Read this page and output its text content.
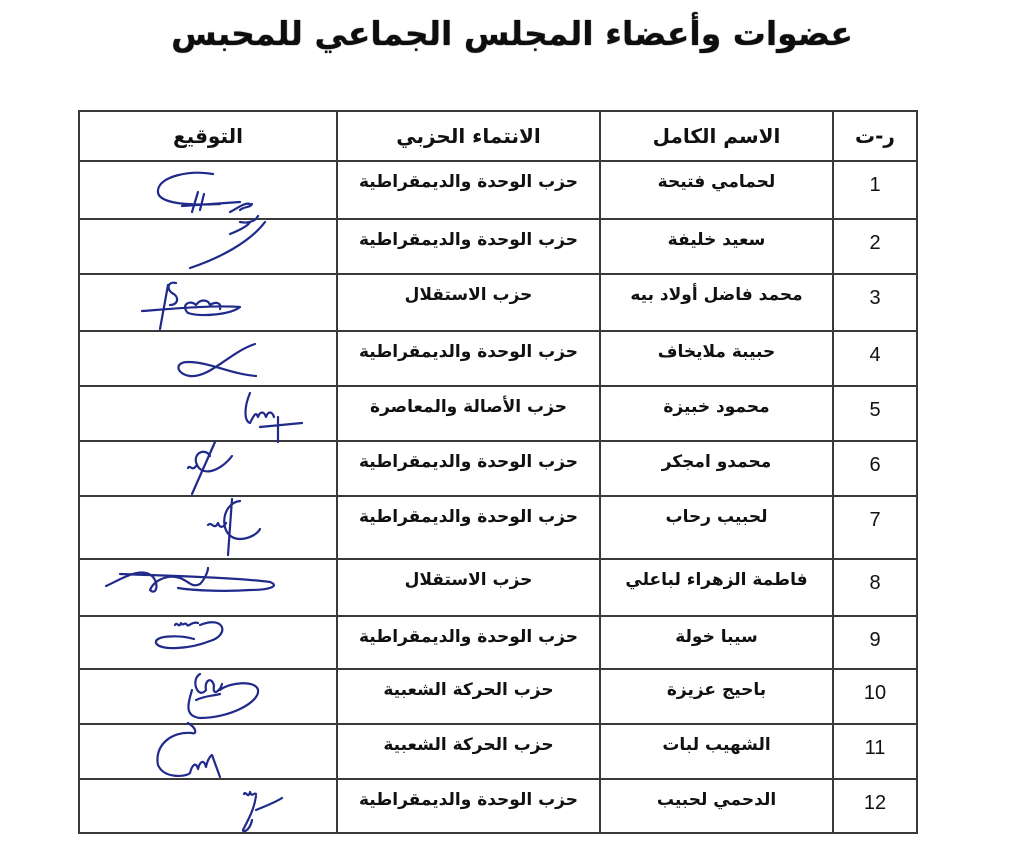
عضوات وأعضاء المجلس الجماعي للمحبس
ر-ت	الاسم الكامل	الانتماء الحزبي	التوقيع
1	لحمامي فتيحة	حزب الوحدة والديمقراطية	

2	سعيد خليفة	حزب الوحدة والديمقراطية	

3	محمد فاضل أولاد بيه	حزب الاستقلال	

4	حبيبة ملايخاف	حزب الوحدة والديمقراطية	

5	محمود خبيزة	حزب الأصالة والمعاصرة	

6	محمدو امجكر	حزب الوحدة والديمقراطية	

7	لحبيب رحاب	حزب الوحدة والديمقراطية	

8	فاطمة الزهراء لباعلي	حزب الاستقلال	

9	سيبا خولة	حزب الوحدة والديمقراطية	

10	باحيج عزيزة	حزب الحركة الشعبية	

11	الشهيب لبات	حزب الحركة الشعبية	

12	الدحمي لحبيب	حزب الوحدة والديمقراطية	
